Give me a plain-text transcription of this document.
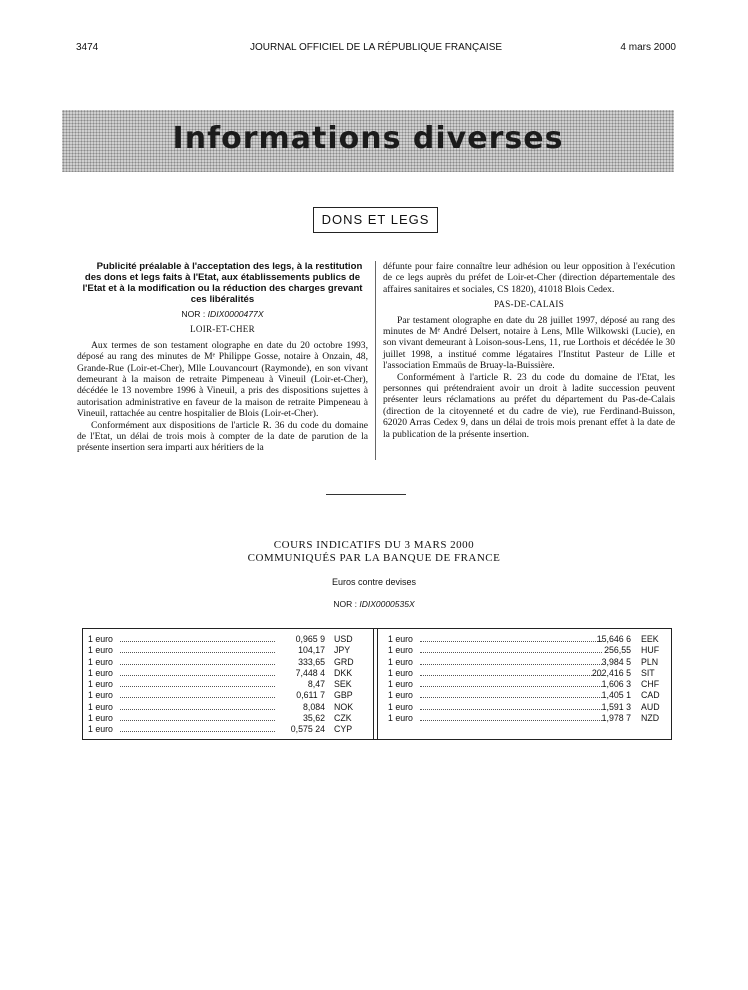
3474	JOURNAL OFFICIEL DE LA RÉPUBLIQUE FRANÇAISE	4 mars 2000
Informations diverses
DONS ET LEGS

Publicité préalable à l'acceptation des legs, à la restitution des dons et legs faits à l'Etat, aux établissements publics de l'Etat et à la modification ou la réduction des charges grevant ces libéralités

NOR : IDIX0000477X
LOIR-ET-CHER

Aux termes de son testament olographe en date du 20 octobre 1993, déposé au rang des minutes de Mᵉ Philippe Gosse, notaire à Onzain, 48, Grande-Rue (Loir-et-Cher), Mlle Louvancourt (Raymonde), en son vivant demeurant à la maison de retraite Pimpeneau à Vineuil (Loir-et-Cher), décédée le 13 novembre 1996 à Vineuil, a pris des dispositions sujettes à autorisation administrative en faveur de la maison de retraite Pimpeneau à Vineuil, rattachée au centre hospitalier de Blois (Loir-et-Cher).

Conformément aux dispositions de l'article R. 36 du code du domaine de l'Etat, un délai de trois mois à compter de la date de parution de la présente insertion sera imparti aux héritiers de la

défunte pour faire connaître leur adhésion ou leur opposition à l'exécution de ce legs auprès du préfet de Loir-et-Cher (direction départementale des affaires sanitaires et sociales, CS 1820), 41018 Blois Cedex.

PAS-DE-CALAIS

Par testament olographe en date du 28 juillet 1997, déposé au rang des minutes de Mᵉ André Delsert, notaire à Lens, Mlle Wilkowski (Lucie), en son vivant demeurant à Loison-sous-Lens, 11, rue Lorthois et décédée le 30 juillet 1998, a institué comme légataires l'Institut Pasteur de Lille et l'association Emmaüs de Bruay-la-Buissière.

Conformément à l'article R. 23 du code du domaine de l'Etat, les personnes qui prétendraient avoir un droit à ladite succession peuvent présenter leurs réclamations au préfet du département du Pas-de-Calais (direction de la citoyenneté et du cadre de vie), rue Ferdinand-Buisson, 62020 Arras Cedex 9, dans un délai de trois mois prenant effet à la date de la publication de la présente insertion.

COURS INDICATIFS DU 3 MARS 2000
COMMUNIQUÉS PAR LA BANQUE DE FRANCE
Euros contre devises
NOR : IDIX0000535X
1 euro	0,965 9 USD
1 euro	104,17 JPY
1 euro	333,65 GRD
1 euro	7,448 4 DKK
1 euro	8,47 SEK
1 euro	0,611 7 GBP
1 euro	8,084 NOK
1 euro	35,62 CZK
1 euro	0,575 24 CYP
1 euro	15,646 6 EEK
1 euro	256,55 HUF
1 euro	3,984 5 PLN
1 euro	202,416 5 SIT
1 euro	1,606 3 CHF
1 euro	1,405 1 CAD
1 euro	1,591 3 AUD
1 euro	1,978 7 NZD
